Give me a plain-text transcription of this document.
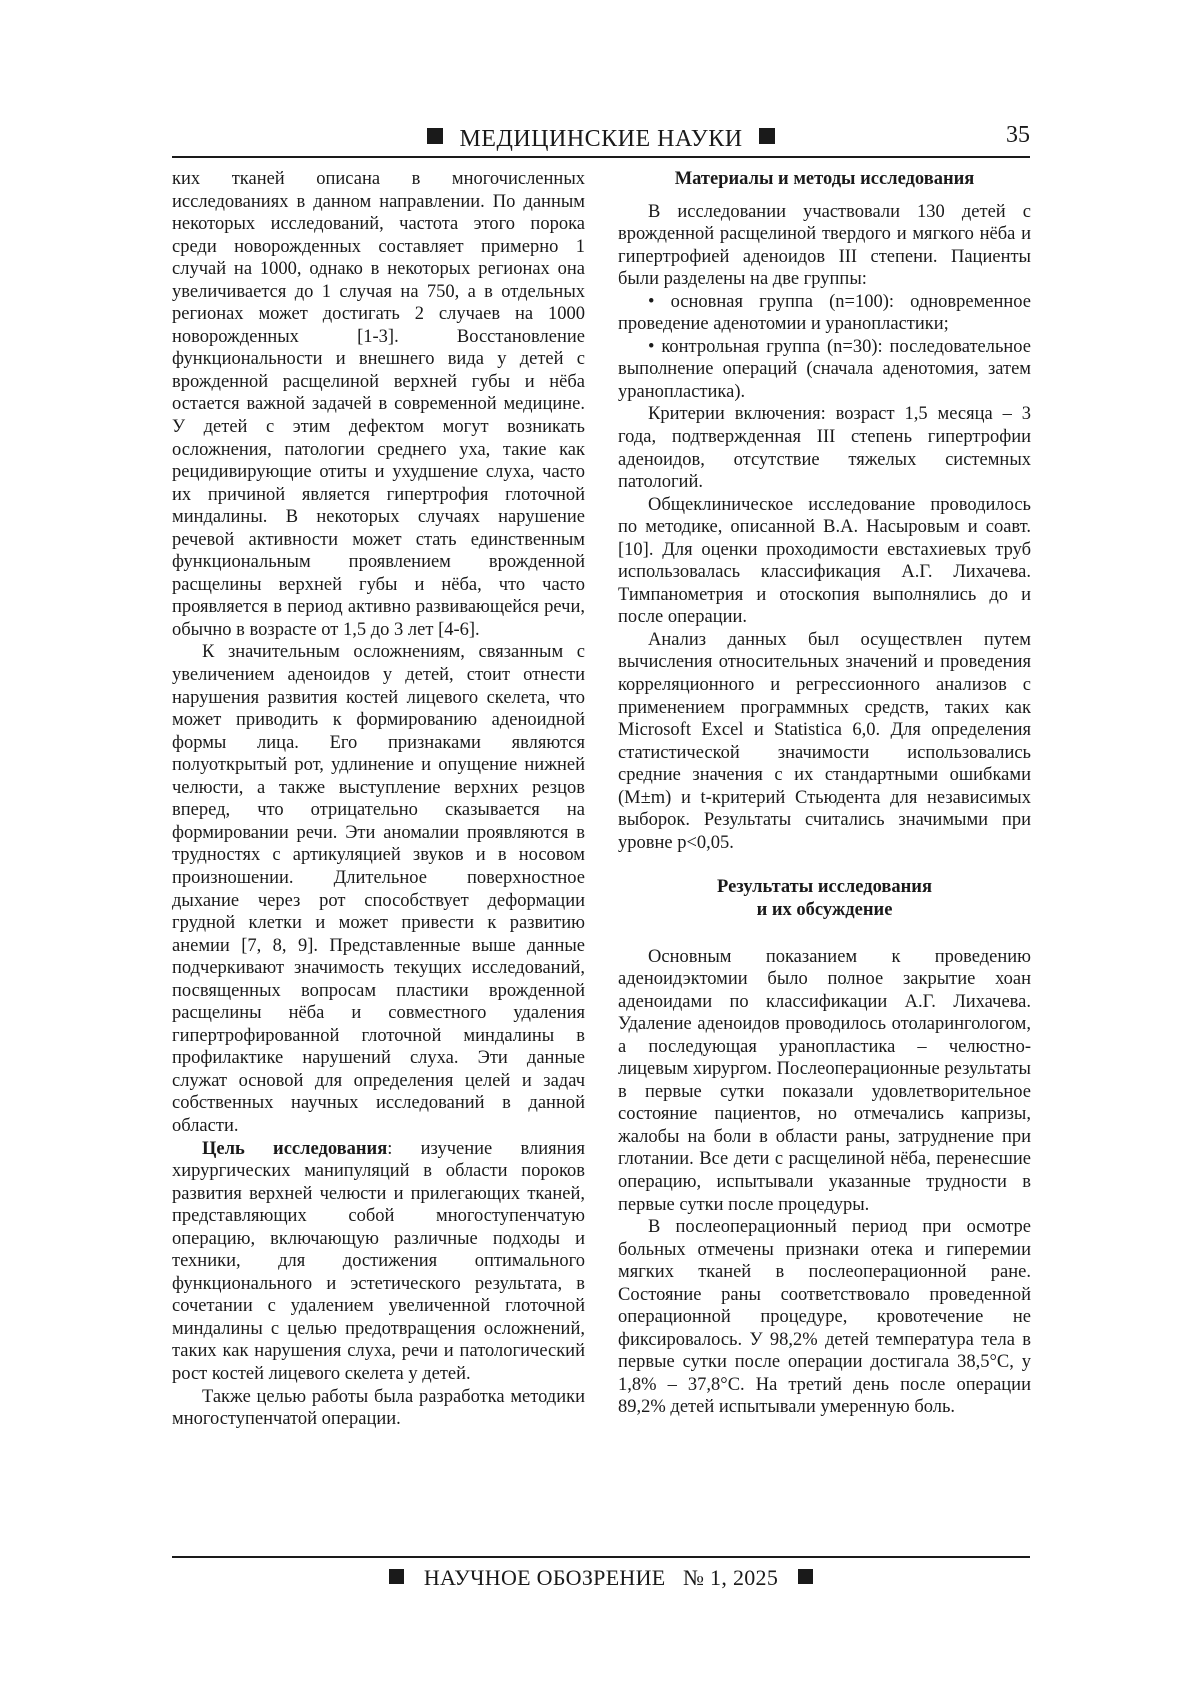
МЕДИЦИНСКИЕ НАУКИ	35

ких тканей описана в многочисленных исследованиях в данном направлении. По данным некоторых исследований, частота этого порока среди новорожденных составляет примерно 1 случай на 1000, однако в некоторых регионах она увеличивается до 1 случая на 750, а в отдельных регионах может достигать 2 случаев на 1000 новорожденных [1-3]. Восстановление функциональности и внешнего вида у детей с врожденной расщелиной верхней губы и нёба остается важной задачей в современной медицине. У детей с этим дефектом могут возникать осложнения, патологии среднего уха, такие как рецидивирующие отиты и ухудшение слуха, часто их причиной является гипертрофия глоточной миндалины. В некоторых случаях нарушение речевой активности может стать единственным функциональным проявлением врожденной расщелины верхней губы и нёба, что часто проявляется в период активно развивающейся речи, обычно в возрасте от 1,5 до 3 лет [4-6].

К значительным осложнениям, связанным с увеличением аденоидов у детей, стоит отнести нарушения развития костей лицевого скелета, что может приводить к формированию аденоидной формы лица. Его признаками являются полуоткрытый рот, удлинение и опущение нижней челюсти, а также выступление верхних резцов вперед, что отрицательно сказывается на формировании речи. Эти аномалии проявляются в трудностях с артикуляцией звуков и в носовом произношении. Длительное поверхностное дыхание через рот способствует деформации грудной клетки и может привести к развитию анемии [7, 8, 9]. Представленные выше данные подчеркивают значимость текущих исследований, посвященных вопросам пластики врожденной расщелины нёба и совместного удаления гипертрофированной глоточной миндалины в профилактике нарушений слуха. Эти данные служат основой для определения целей и задач собственных научных исследований в данной области.

Цель исследования: изучение влияния хирургических манипуляций в области пороков развития верхней челюсти и прилегающих тканей, представляющих собой многоступенчатую операцию, включающую различные подходы и техники, для достижения оптимального функционального и эстетического результата, в сочетании с удалением увеличенной глоточной миндалины с целью предотвращения осложнений, таких как нарушения слуха, речи и патологический рост костей лицевого скелета у детей.

Также целью работы была разработка методики многоступенчатой операции.

Материалы и методы исследования

В исследовании участвовали 130 детей с врожденной расщелиной твердого и мягкого нёба и гипертрофией аденоидов III степени. Пациенты были разделены на две группы:

• основная группа (n=100): одновременное проведение аденотомии и уранопластики;

• контрольная группа (n=30): последовательное выполнение операций (сначала аденотомия, затем уранопластика).

Критерии включения: возраст 1,5 месяца – 3 года, подтвержденная III степень гипертрофии аденоидов, отсутствие тяжелых системных патологий.

Общеклиническое исследование проводилось по методике, описанной В.А. Насыровым и соавт. [10]. Для оценки проходимости евстахиевых труб использовалась классификация А.Г. Лихачева. Тимпанометрия и отоскопия выполнялись до и после операции.

Анализ данных был осуществлен путем вычисления относительных значений и проведения корреляционного и регрессионного анализов с применением программных средств, таких как Microsoft Excel и Statistica 6,0. Для определения статистической значимости использовались средние значения с их стандартными ошибками (M±m) и t-критерий Стьюдента для независимых выборок. Результаты считались значимыми при уровне p<0,05.

Результаты исследования
и их обсуждение

Основным показанием к проведению аденоидэктомии было полное закрытие хоан аденоидами по классификации А.Г. Лихачева. Удаление аденоидов проводилось отоларингологом, а последующая уранопластика – челюстно-лицевым хирургом. Послеоперационные результаты в первые сутки показали удовлетворительное состояние пациентов, но отмечались капризы, жалобы на боли в области раны, затруднение при глотании. Все дети с расщелиной нёба, перенесшие операцию, испытывали указанные трудности в первые сутки после процедуры.

В послеоперационный период при осмотре больных отмечены признаки отека и гиперемии мягких тканей в послеоперационной ране. Состояние раны соответствовало проведенной операционной процедуре, кровотечение не фиксировалось. У 98,2% детей температура тела в первые сутки после операции достигала 38,5°С, у 1,8% – 37,8°С. На третий день после операции 89,2% детей испытывали умеренную боль.

НАУЧНОЕ ОБОЗРЕНИЕ № 1, 2025
